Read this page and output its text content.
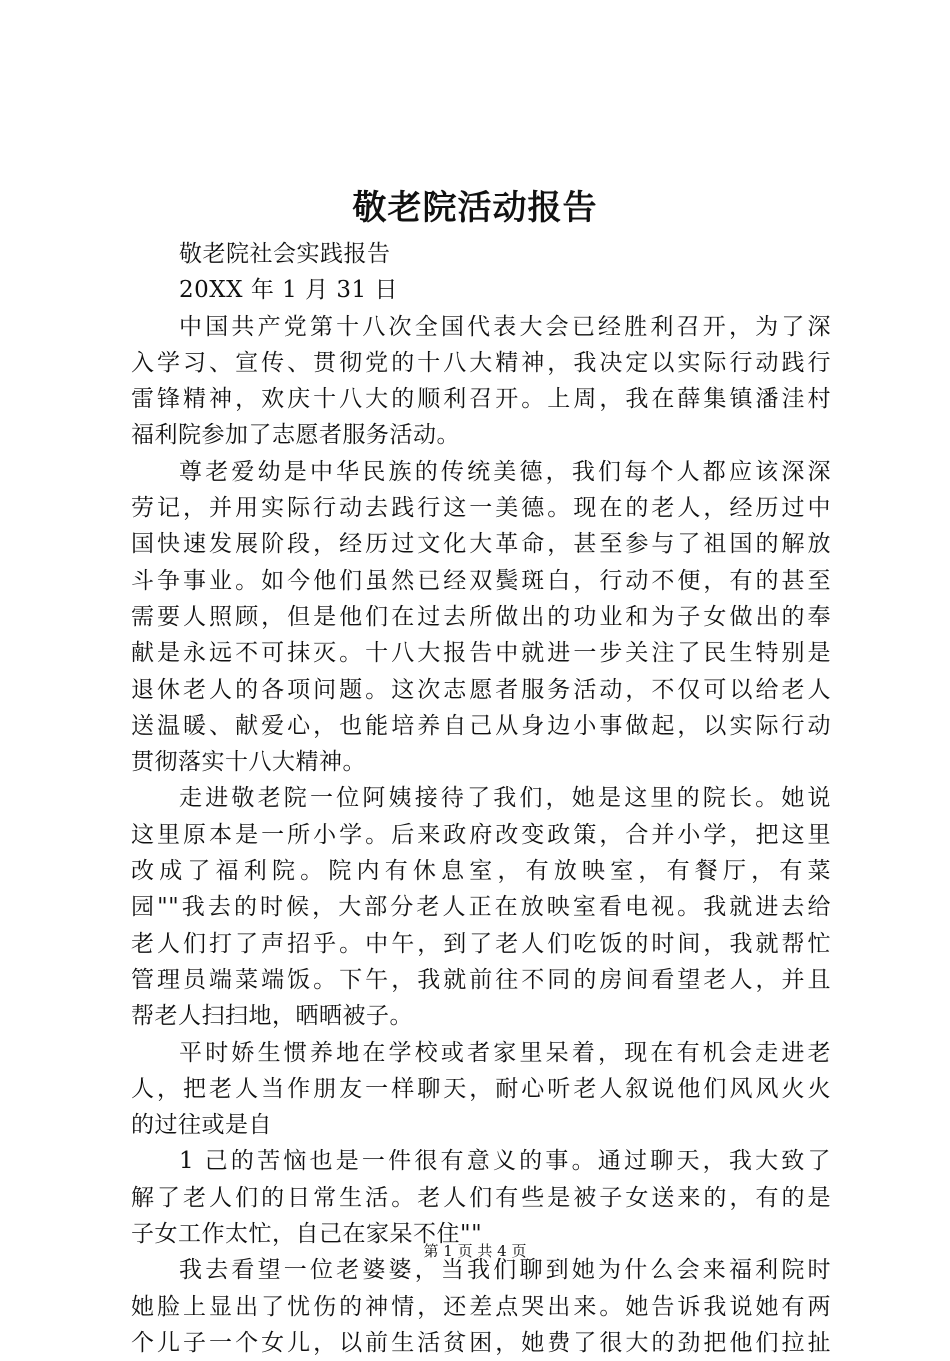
敬老院活动报告
敬老院社会实践报告
20XX 年 1 月 31 日
中国共产党第十八次全国代表大会已经胜利召开，为了深
入学习、宣传、贯彻党的十八大精神，我决定以实际行动践行
雷锋精神，欢庆十八大的顺利召开。上周，我在薛集镇潘洼村
福利院参加了志愿者服务活动。
尊老爱幼是中华民族的传统美德，我们每个人都应该深深
劳记，并用实际行动去践行这一美德。现在的老人，经历过中
国快速发展阶段，经历过文化大革命，甚至参与了祖国的解放
斗争事业。如今他们虽然已经双鬓斑白，行动不便，有的甚至
需要人照顾，但是他们在过去所做出的功业和为子女做出的奉
献是永远不可抹灭。十八大报告中就进一步关注了民生特别是
退休老人的各项问题。这次志愿者服务活动，不仅可以给老人
送温暖、献爱心，也能培养自己从身边小事做起，以实际行动
贯彻落实十八大精神。
走进敬老院一位阿姨接待了我们，她是这里的院长。她说
这里原本是一所小学。后来政府改变政策，合并小学，把这里
改成了福利院。院内有休息室，有放映室，有餐厅，有菜
园""我去的时候，大部分老人正在放映室看电视。我就进去给
老人们打了声招乎。中午，到了老人们吃饭的时间，我就帮忙
管理员端菜端饭。下午，我就前往不同的房间看望老人，并且
帮老人扫扫地，晒晒被子。
平时娇生惯养地在学校或者家里呆着，现在有机会走进老
人，把老人当作朋友一样聊天，耐心听老人叙说他们风风火火
的过往或是自
1 己的苦恼也是一件很有意义的事。通过聊天，我大致了
解了老人们的日常生活。老人们有些是被子女送来的，有的是
子女工作太忙，自己在家呆不住""
我去看望一位老婆婆，当我们聊到她为什么会来福利院时
她脸上显出了忧伤的神情，还差点哭出来。她告诉我说她有两
个儿子一个女儿，以前生活贫困，她费了很大的劲把他们拉扯
第 1 页 共 4 页
